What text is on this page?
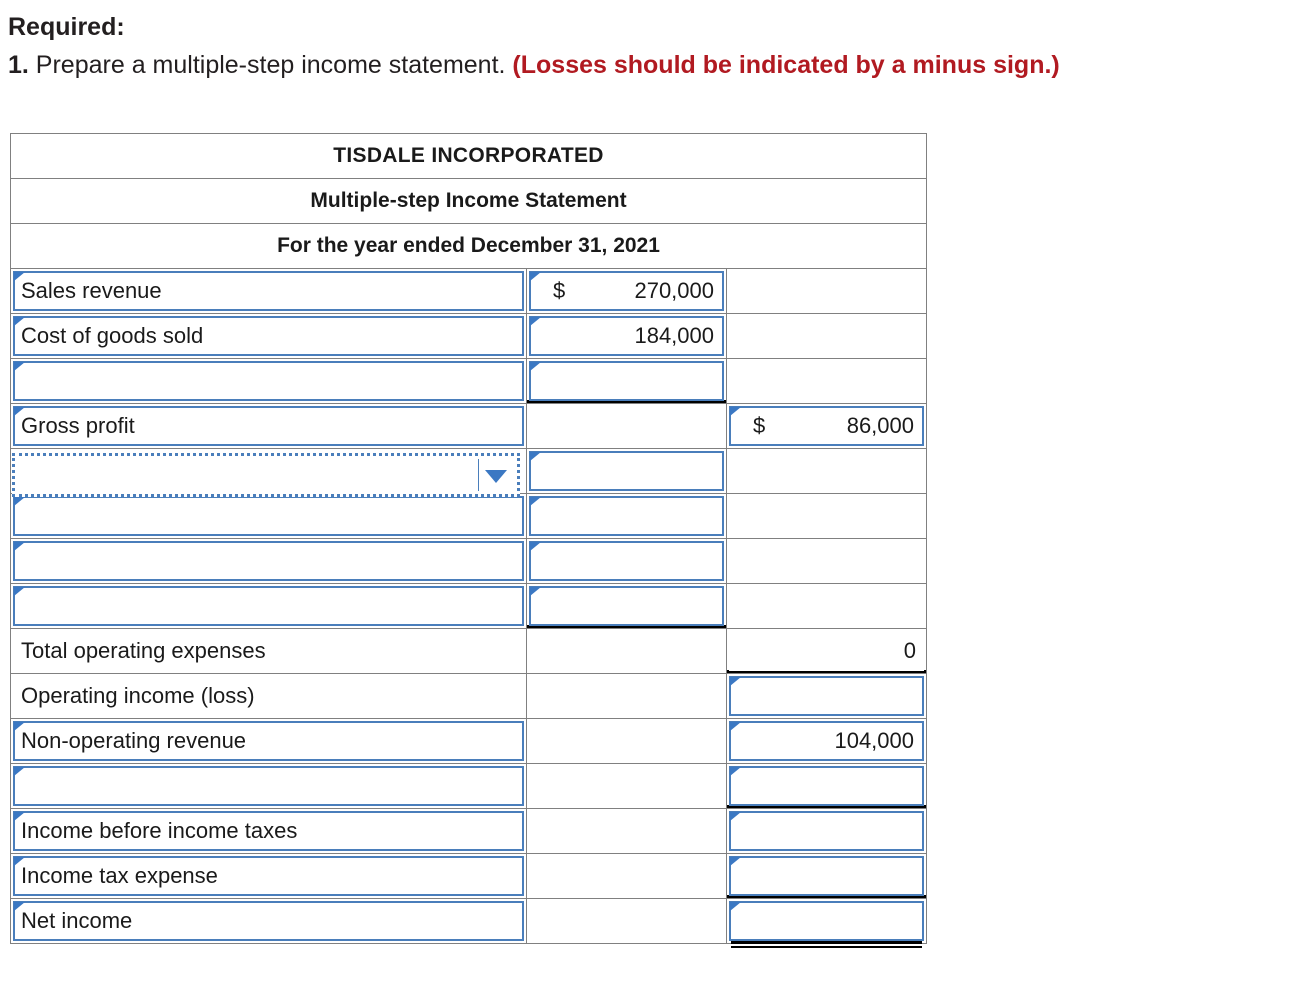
Required:
1. Prepare a multiple-step income statement. (Losses should be indicated by a minus sign.)
TISDALE INCORPORATED		
Multiple-step Income Statement		
For the year ended December 31, 2021		

Sales revenue	$ 270,000	

Cost of goods sold	184,000	

Gross profit		$ 86,000

Total operating expenses		0

Operating income (loss)		

Non-operating revenue		104,000

Income before income taxes		

Income tax expense		

Net income		
